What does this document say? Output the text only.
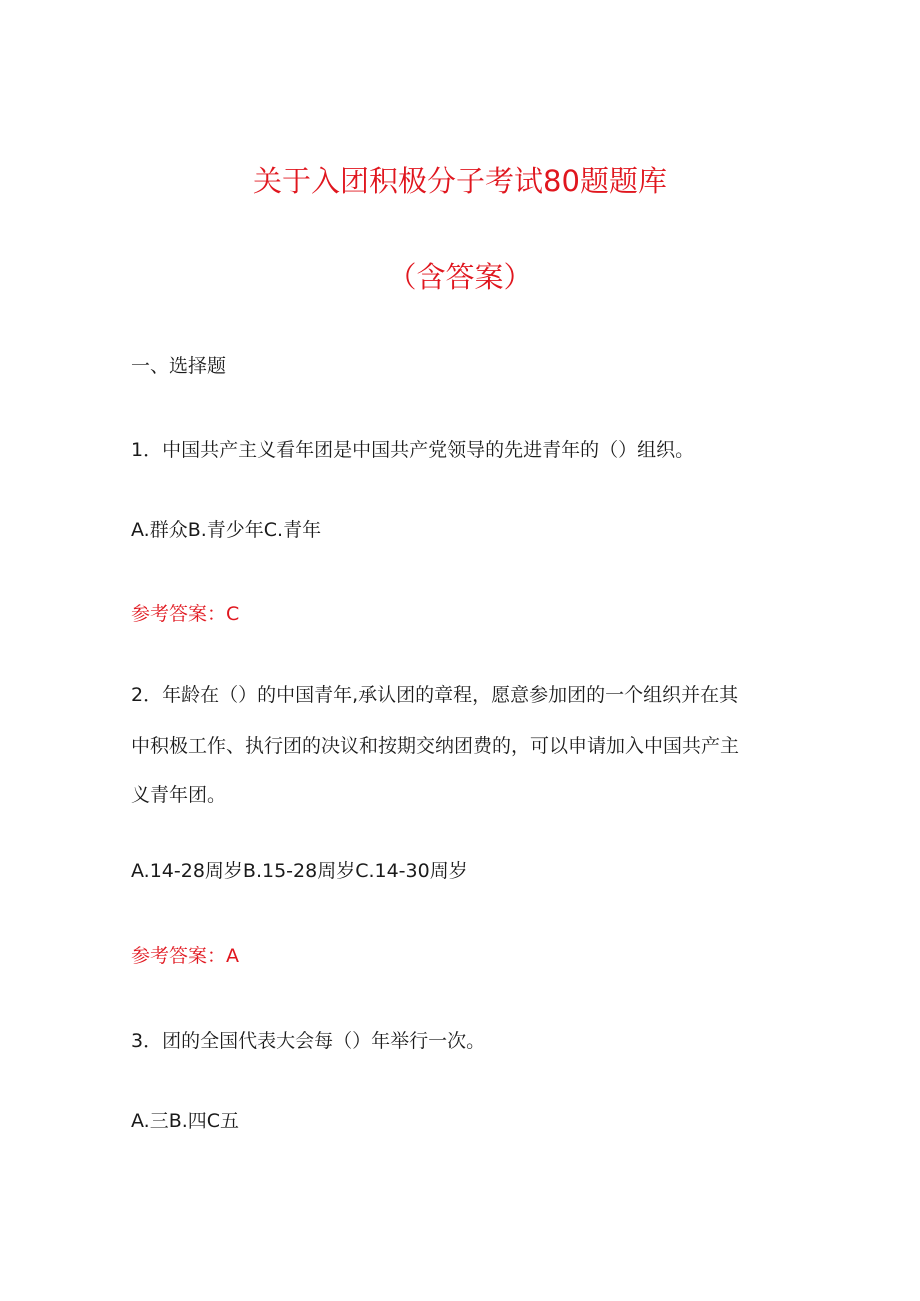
关于入团积极分子考试80题题库
（含答案）
一、选择题
1．中国共产主义看年团是中国共产党领导的先进青年的（）组织。
A.群众B.青少年C.青年
参考答案：C
2．年龄在（）的中国青年,承认团的章程，愿意参加团的一个组织并在其
中积极工作、执行团的决议和按期交纳团费的，可以申请加入中国共产主
义青年团。
A.14-28周岁B.15-28周岁C.14-30周岁
参考答案：A
3．团的全国代表大会每（）年举行一次。
A.三B.四C五
